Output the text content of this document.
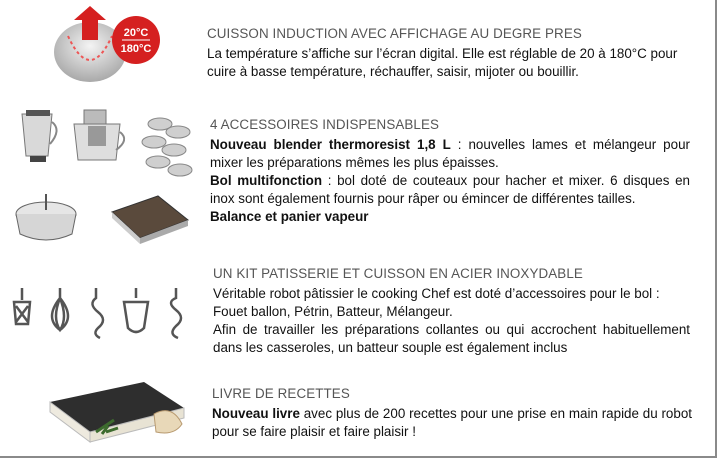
20°C
180°C
CUISSON INDUCTION AVEC AFFICHAGE AU DEGRE PRES

La température s’affiche sur l’écran digital. Elle est réglable de 20 à 180°C pour cuire à basse température, réchauffer, saisir, mijoter ou bouillir.

4 ACCESSOIRES INDISPENSABLES

Nouveau blender thermoresist 1,8 L : nouvelles lames et mélangeur pour mixer les préparations mêmes les plus épaisses.

Bol multifonction : bol doté de couteaux pour hacher et mixer. 6 disques en inox sont également fournis pour râper ou émincer de différentes tailles.

Balance et panier vapeur

UN KIT PATISSERIE ET CUISSON EN ACIER INOXYDABLE

Véritable robot pâtissier le cooking Chef est doté d’accessoires pour le bol : Fouet ballon, Pétrin, Batteur, Mélangeur.

Afin de travailler les préparations collantes ou qui accrochent habituellement dans les casseroles, un batteur souple est également inclus

LIVRE DE RECETTES

Nouveau livre avec plus de 200 recettes pour une prise en main rapide du robot pour se faire plaisir et faire plaisir !
